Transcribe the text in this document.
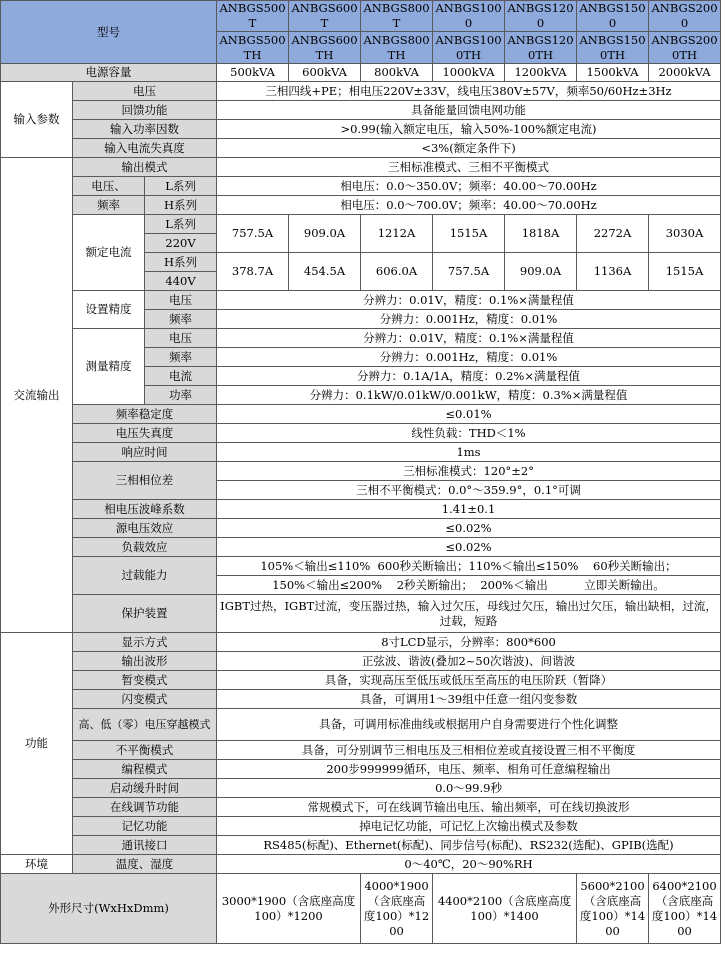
型号			ANBGS500T	ANBGS600T	ANBGS800T	ANBGS1000	ANBGS1200	ANBGS1500	ANBGS2000
			ANBGS500TH	ANBGS600TH	ANBGS800TH	ANBGS1000TH	ANBGS1200TH	ANBGS1500TH	ANBGS2000TH
电源容量			500kVA	600kVA	800kVA	1000kVA	1200kVA	1500kVA	2000kVA
输入参数	电压		三相四线+PE；相电压220V±33V，线电压380V±57V，频率50/60Hz±3Hz						
	回馈功能		具备能量回馈电网功能						
	输入功率因数		>0.99(输入额定电压，输入50%-100%额定电流)						
	输入电流失真度		<3%(额定条件下)						
交流输出	输出模式		三相标准模式、三相不平衡模式						
	电压、	L系列	相电压：0.0～350.0V；频率：40.00～70.00Hz						
	频率	H系列	相电压：0.0～700.0V；频率：40.00～70.00Hz						
	额定电流	L系列	757.5A	909.0A	1212A	1515A	1818A	2272A	3030A
		220V							
		H系列	378.7A	454.5A	606.0A	757.5A	909.0A	1136A	1515A
		440V							
	设置精度	电压	分辨力：0.01V，精度：0.1%×满量程值						
		频率	分辨力：0.001Hz，精度：0.01%						
	测量精度	电压	分辨力：0.01V，精度：0.1%×满量程值						
		频率	分辨力：0.001Hz，精度：0.01%						
		电流	分辨力：0.1A/1A，精度：0.2%×满量程值						
		功率	分辨力：0.1kW/0.01kW/0.001kW，精度：0.3%×满量程值						
	频率稳定度		≤0.01%						
	电压失真度		线性负载：THD＜1%						
	响应时间		1ms						
	三相相位差		三相标准模式：120°±2°						
			三相不平衡模式：0.0°～359.9°，0.1°可调						
	相电压波峰系数		1.41±0.1						
	源电压效应		≤0.02%						
	负载效应		≤0.02%						
	过载能力		105%＜输出≤110%  600秒关断输出；110%＜输出≤150%    60秒关断输出；						
			150%＜输出≤200%    2秒关断输出；  200%＜输出          立即关断输出。						
	保护装置		IGBT过热，IGBT过流，变压器过热，输入过欠压，母线过欠压，输出过欠压，输出缺相，过流，过载，短路						
功能	显示方式		8寸LCD显示，分辨率：800*600						
	输出波形		正弦波、谐波(叠加2~50次谐波)、间谐波						
	暂变模式		具备，实现高压至低压或低压至高压的电压阶跃（暂降）						
	闪变模式		具备，可调用1～39组中任意一组闪变参数						
	高、低（零）电压穿越模式		具备，可调用标准曲线或根据用户自身需要进行个性化调整						
	不平衡模式		具备，可分别调节三相电压及三相相位差或直接设置三相不平衡度						
	编程模式		200步999999循环，电压、频率、相角可任意编程输出						
	启动缓升时间		0.0～99.9秒						
	在线调节功能		常规模式下，可在线调节输出电压、输出频率，可在线切换波形						
	记忆功能		掉电记忆功能，可记忆上次输出模式及参数						
	通讯接口		RS485(标配)、Ethernet(标配)、同步信号(标配)、RS232(选配)、GPIB(选配)						
环境	温度、湿度		0～40℃，20～90%RH						
外形尺寸(WxHxDmm)			3000*1900（含底座高度100）*1200		4000*1900（含底座高度100）*1200	4400*2100（含底座高度100）*1400		5600*2100（含底座高度100）*1400	6400*2100（含底座高度100）*1400
